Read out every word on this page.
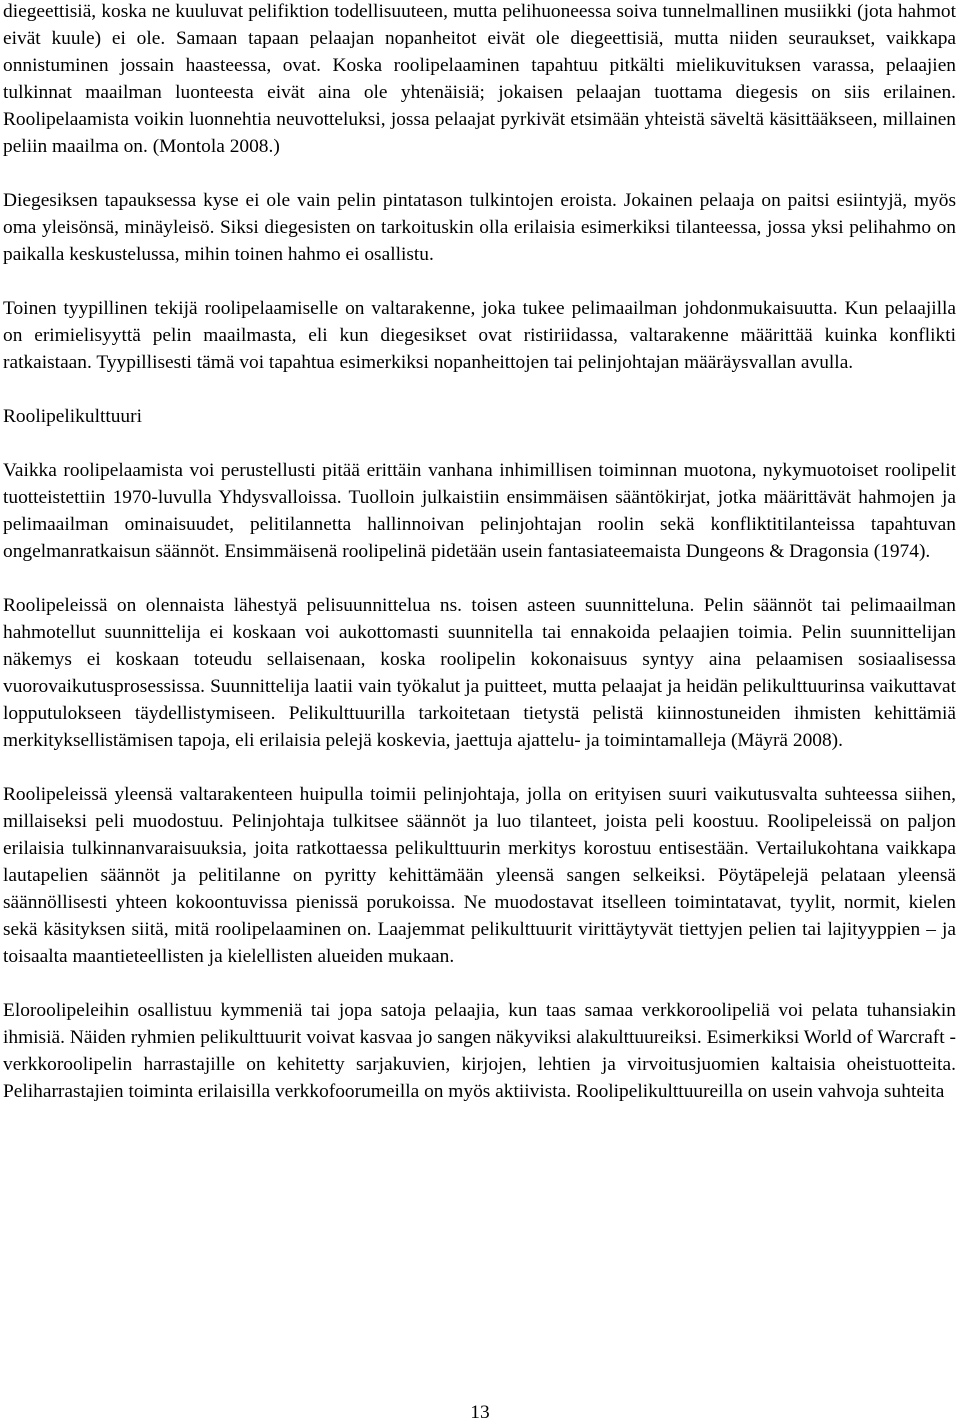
diegeettisiä, koska ne kuuluvat pelifiktion todellisuuteen, mutta pelihuoneessa soiva tunnelmallinen musiikki (jota hahmot eivät kuule) ei ole. Samaan tapaan pelaajan nopanheitot eivät ole diegeettisiä, mutta niiden seuraukset, vaikkapa onnistuminen jossain haasteessa, ovat. Koska roolipelaaminen tapahtuu pitkälti mielikuvituksen varassa, pelaajien tulkinnat maailman luonteesta eivät aina ole yhtenäisiä; jokaisen pelaajan tuottama diegesis on siis erilainen. Roolipelaamista voikin luonnehtia neuvotteluksi, jossa pelaajat pyrkivät etsimään yhteistä säveltä käsittääkseen, millainen peliin maailma on. (Montola 2008.)

Diegesiksen tapauksessa kyse ei ole vain pelin pintatason tulkintojen eroista. Jokainen pelaaja on paitsi esiintyjä, myös oma yleisönsä, minäyleisö. Siksi diegesisten on tarkoituskin olla erilaisia esimerkiksi tilanteessa, jossa yksi pelihahmo on paikalla keskustelussa, mihin toinen hahmo ei osallistu.

Toinen tyypillinen tekijä roolipelaamiselle on valtarakenne, joka tukee pelimaailman johdonmukaisuutta. Kun pelaajilla on erimielisyyttä pelin maailmasta, eli kun diegesikset ovat ristiriidassa, valtarakenne määrittää kuinka konflikti ratkaistaan. Tyypillisesti tämä voi tapahtua esimerkiksi nopanheittojen tai pelinjohtajan määräysvallan avulla.

Roolipelikulttuuri

Vaikka roolipelaamista voi perustellusti pitää erittäin vanhana inhimillisen toiminnan muotona, nykymuotoiset roolipelit tuotteistettiin 1970-luvulla Yhdysvalloissa. Tuolloin julkaistiin ensimmäisen sääntökirjat, jotka määrittävät hahmojen ja pelimaailman ominaisuudet, pelitilannetta hallinnoivan pelinjohtajan roolin sekä konfliktitilanteissa tapahtuvan ongelmanratkaisun säännöt. Ensimmäisenä roolipelinä pidetään usein fantasiateemaista Dungeons & Dragonsia (1974).

Roolipeleissä on olennaista lähestyä pelisuunnittelua ns. toisen asteen suunnitteluna. Pelin säännöt tai pelimaailman hahmotellut suunnittelija ei koskaan voi aukottomasti suunnitella tai ennakoida pelaajien toimia. Pelin suunnittelijan näkemys ei koskaan toteudu sellaisenaan, koska roolipelin kokonaisuus syntyy aina pelaamisen sosiaalisessa vuorovaikutusprosessissa. Suunnittelija laatii vain työkalut ja puitteet, mutta pelaajat ja heidän pelikulttuurinsa vaikuttavat lopputulokseen täydellistymiseen. Pelikulttuurilla tarkoitetaan tietystä pelistä kiinnostuneiden ihmisten kehittämiä merkityksellistämisen tapoja, eli erilaisia pelejä koskevia, jaettuja ajattelu- ja toimintamalleja (Mäyrä 2008).

Roolipeleissä yleensä valtarakenteen huipulla toimii pelinjohtaja, jolla on erityisen suuri vaikutusvalta suhteessa siihen, millaiseksi peli muodostuu. Pelinjohtaja tulkitsee säännöt ja luo tilanteet, joista peli koostuu. Roolipeleissä on paljon erilaisia tulkinnanvaraisuuksia, joita ratkottaessa pelikulttuurin merkitys korostuu entisestään. Vertailukohtana vaikkapa lautapelien säännöt ja pelitilanne on pyritty kehittämään yleensä sangen selkeiksi. Pöytäpelejä pelataan yleensä säännöllisesti yhteen kokoontuvissa pienissä porukoissa. Ne muodostavat itselleen toimintatavat, tyylit, normit, kielen sekä käsityksen siitä, mitä roolipelaaminen on. Laajemmat pelikulttuurit virittäytyvät tiettyjen pelien tai lajityyppien – ja toisaalta maantieteellisten ja kielellisten alueiden mukaan.

Eloroolipeleihin osallistuu kymmeniä tai jopa satoja pelaajia, kun taas samaa verkkoroolipeliä voi pelata tuhansiakin ihmisiä. Näiden ryhmien pelikulttuurit voivat kasvaa jo sangen näkyviksi alakulttuureiksi. Esimerkiksi World of Warcraft -verkkoroolipelin harrastajille on kehitetty sarjakuvien, kirjojen, lehtien ja virvoitusjuomien kaltaisia oheistuotteita. Peliharrastajien toiminta erilaisilla verkkofoorumeilla on myös aktiivista. Roolipelikulttuureilla on usein vahvoja suhteita

13
